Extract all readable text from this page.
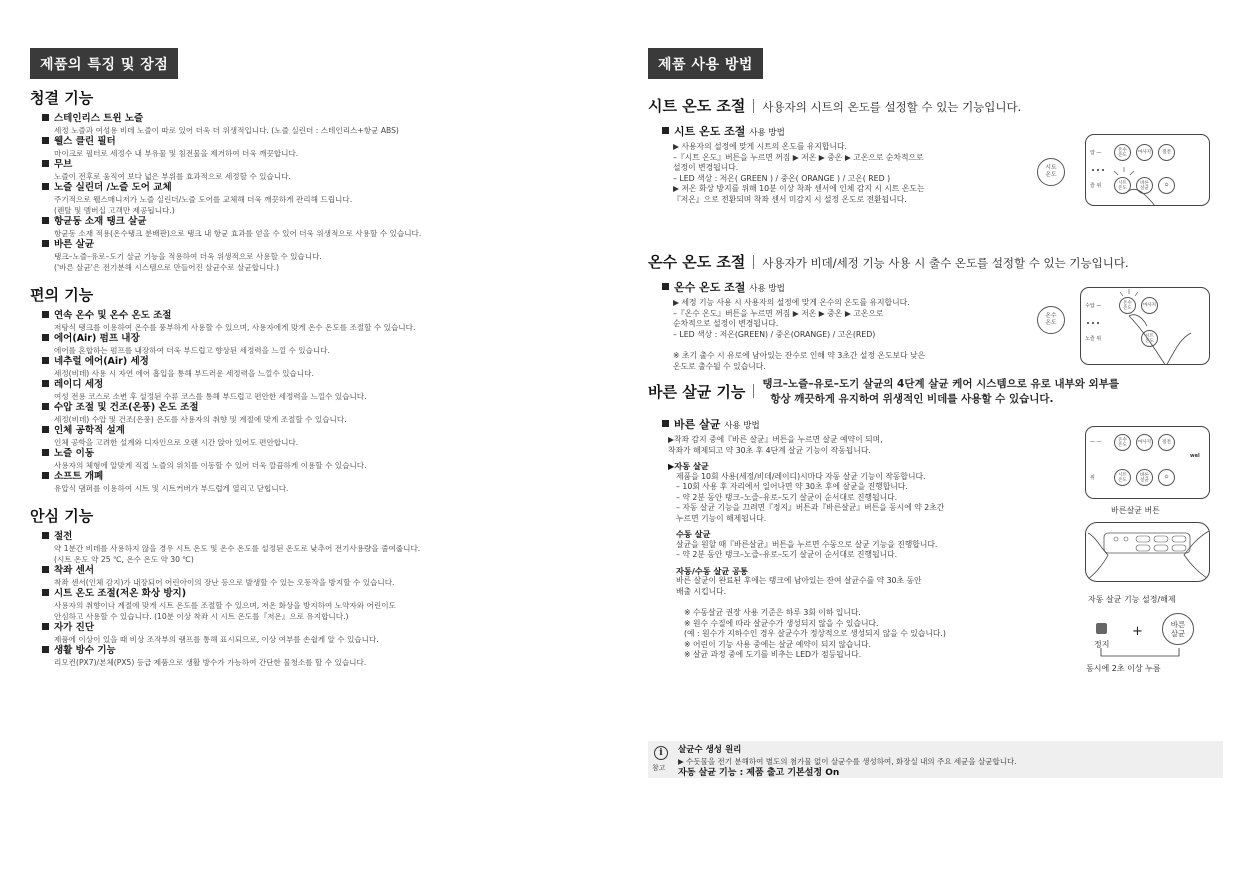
제품의 특징 및 장점
청결 기능
스테인리스 트윈 노즐
세정 노즐과 여성용 비데 노즐이 따로 있어 더욱 더 위생적입니다. (노즐 실린더 : 스테인리스+항균 ABS)
웰스 클린 필터
마이크로 필터로 세정수 내 부유물 및 침전물을 제거하여 더욱 깨끗합니다.
무브
노즐이 전후로 움직여 보다 넓은 부위를 효과적으로 세정할 수 있습니다.
노즐 실린더 /노즐 도어 교체
주기적으로 웰스매니저가 노즐 실린더/노즐 도어를 교체해 더욱 깨끗하게 관리해 드립니다.
(렌탈 및 멤버십 고객만 제공됩니다.)
항균동 소재 탱크 살균
항균동 소재 적용(온수탱크 분배판)으로 탱크 내 항균 효과를 얻을 수 있어 더욱 위생적으로 사용할 수 있습니다.
바른 살균
탱크–노즐–유로–도기 살균 기능을 적용하여 더욱 위생적으로 사용할 수 있습니다.
('바른 살균'은 전기분해 시스템으로 만들어진 살균수로 살균합니다.)
편의 기능
연속 온수 및 온수 온도 조절
저탕식 탱크를 이용하여 온수를 풍부하게 사용할 수 있으며, 사용자에게 맞게 온수 온도를 조절할 수 있습니다.
에어(Air) 펌프 내장
에어를 혼합하는 펌프를 내장하여 더욱 부드럽고 향상된 세정력을 느낄 수 있습니다.
네추럴 에어(Air) 세정
세정(비데) 사용 시 자연 에어 흡입을 통해 부드러운 세정력을 느낄수 있습니다.
레이디 세정
여성 전용 코스로 소변 후 설정된 수류 코스를 통해 부드럽고 편안한 세정력을 느낄수 있습니다.
수압 조절 및 건조(온풍) 온도 조절
세정(비데) 수압 및 건조(온풍) 온도를 사용자의 취향 및 계절에 맞게 조절할 수 있습니다.
인체 공학적 설계
인체 공학을 고려한 설계와 디자인으로 오랜 시간 앉아 있어도 편안합니다.
노즐 이동
사용자의 체형에 알맞게 직접 노즐의 위치를 이동할 수 있어 더욱 깔끔하게 이용할 수 있습니다.
소프트 개폐
유압식 댐퍼를 이용하여 시트 및 시트커버가 부드럽게 열리고 닫힙니다.
안심 기능
절전
약 1분간 비데를 사용하지 않을 경우 시트 온도 및 온수 온도를 설정된 온도로 낮추어 전기사용량을 줄여줍니다.
(시트 온도 약 25 ℃, 온수 온도 약 30 ℃)
착좌 센서
착좌 센서(인체 감지)가 내장되어 어린아이의 장난 등으로 발생할 수 있는 오동작을 방지할 수 있습니다.
시트 온도 조절(저온 화상 방지)
사용자의 취향이나 계절에 맞게 시트 온도를 조절할 수 있으며, 저온 화상을 방지하여 노약자와 어린이도
안심하고 사용할 수 있습니다. (10분 이상 착좌 시 시트 온도를『저온』으로 유지합니다.)
자가 진단
제품에 이상이 있을 때 비상 조작부의 램프를 통해 표시되므로, 이상 여부를 손쉽게 알 수 있습니다.
생활 방수 기능
리모컨(PX7)/본체(PX5) 등급 제품으로 생활 방수가 가능하여 간단한 물청소를 할 수 있습니다.
제품 사용 방법
시트 온도 조절 사용자의 시트의 온도를 설정할 수 있는 기능입니다.
시트 온도 조절 사용 방법
▶ 사용자의 설정에 맞게 시트의 온도를 유지합니다.
–『시트 온도』버튼을 누르면 꺼짐 ▶ 저온 ▶ 중온 ▶ 고온으로 순차적으로
설정이 변경됩니다.
– LED 색상 : 저온( GREEN ) / 중온( ORANGE ) / 고온( RED )
▶ 저온 화상 방지를 위해 10분 이상 착좌 센서에 인체 감지 시 시트 온도는
『저온』으로 전환되며 착좌 센서 미감지 시 설정 온도로 전환됩니다.
시트
온도
압 —	온수
온도	마사지	절전
즐 위	시트
온도
바른
살균	⏻
온수 온도 조절 사용자가 비데/세정 기능 사용 시 출수 온도를 설정할 수 있는 기능입니다.
온수 온도 조절 사용 방법
▶ 세정 기능 사용 시 사용자의 설정에 맞게 온수의 온도를 유지합니다.
–『온수 온도』버튼을 누르면 꺼짐 ▶ 저온 ▶ 중온 ▶ 고온으로
순차적으로 설정이 변경됩니다.
– LED 색상 : 저온(GREEN) / 중온(ORANGE) / 고온(RED)
※ 초기 출수 시 유로에 남아있는 잔수로 인해 약 3초간 설정 온도보다 낮은
온도로 출수될 수 있습니다.
온수
온도
수압 —	온수
온도	마사지
노즐 위	시트
온도
바른 살균 기능 탱크–노즐–유로–도기 살균의 4단계 살균 케어 시스템으로 유로 내부와 외부를
항상 깨끗하게 유지하여 위생적인 비데를 사용할 수 있습니다.
바른 살균 사용 방법
▶착좌 감지 중에『바른 살균』버튼을 누르면 살균 예약이 되며,
착좌가 해제되고 약 30초 후 4단계 살균 기능이 작동됩니다.
▶자동 살균
제품을 10회 사용(세정/비데/레이디)시마다 자동 살균 기능이 작동합니다.
– 10회 사용 후 자리에서 일어나면 약 30초 후에 살균을 진행합니다.
– 약 2분 동안 탱크–노즐–유로–도기 살균이 순서대로 진행됩니다.
– 자동 살균 기능을 끄려면『정지』버튼과『바른살균』버튼을 동시에 약 2초간
누르면 기능이 해제됩니다.
수동 살균
살균을 원할 때『바른살균』버튼을 누르면 수동으로 살균 기능을 진행합니다.
– 약 2분 동안 탱크–노즐–유로–도기 살균이 순서대로 진행됩니다.
자동/수동 살균 공통
바른 살균이 완료된 후에는 탱크에 남아있는 잔여 살균수를 약 30초 동안
배출 시킵니다.
※ 수동살균 권장 사용 기준은 하루 3회 이하 입니다.
※ 원수 수질에 따라 살균수가 생성되지 않을 수 있습니다.
(예 : 원수가 지하수인 경우 살균수가 정상적으로 생성되지 않을 수 있습니다.)
※ 어린이 기능 사용 중에는 살균 예약이 되지 않습니다.
※ 살균 과정 중에 도기를 비추는 LED가 점등됩니다.
— —	온수
온도	마사지	절전
wel
위	시트
온도
바른
살균	⏻
바른살균 버튼
자동 살균 기능 설정/해제
정지
+	바른
살균
동시에 2초 이상 누름
i
참고
살균수 생성 원리
▶ 수돗물을 전기 분해하여 별도의 첨가물 없이 살균수를 생성하여, 화장실 내의 주요 세균을 살균합니다.
자동 살균 기능 : 제품 출고 기본설정 On
